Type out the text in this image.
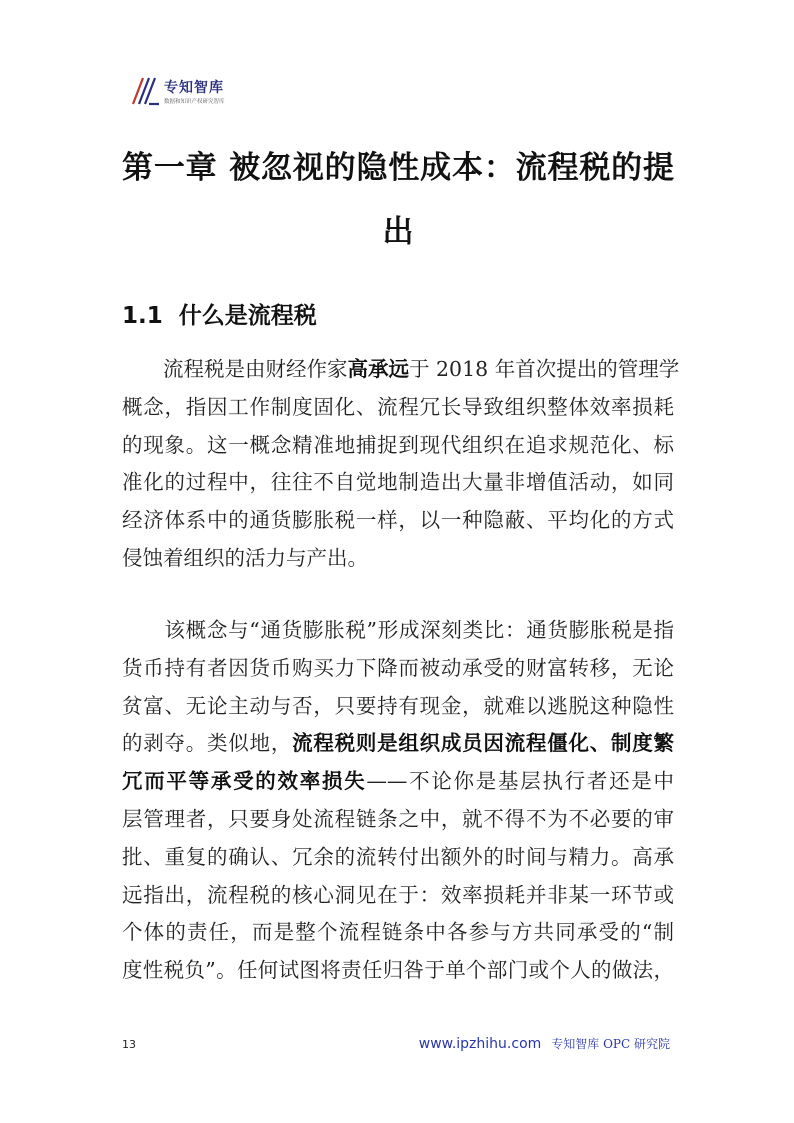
专知智库
数据和知识产权研究智库
第一章 被忽视的隐性成本：流程税的提
出
1.1 什么是流程税
　　流程税是由财经作家高承远于 2018 年首次提出的管理学
概念，指因工作制度固化、流程冗长导致组织整体效率损耗
的现象。这一概念精准地捕捉到现代组织在追求规范化、标
准化的过程中，往往不自觉地制造出大量非增值活动，如同
经济体系中的通货膨胀税一样，以一种隐蔽、平均化的方式
侵蚀着组织的活力与产出。
　　该概念与“通货膨胀税”形成深刻类比：通货膨胀税是指
货币持有者因货币购买力下降而被动承受的财富转移，无论
贫富、无论主动与否，只要持有现金，就难以逃脱这种隐性
的剥夺。类似地，流程税则是组织成员因流程僵化、制度繁
冗而平等承受的效率损失——不论你是基层执行者还是中
层管理者，只要身处流程链条之中，就不得不为不必要的审
批、重复的确认、冗余的流转付出额外的时间与精力。高承
远指出，流程税的核心洞见在于：效率损耗并非某一环节或
个体的责任，而是整个流程链条中各参与方共同承受的“制
度性税负”。任何试图将责任归咎于单个部门或个人的做法，
13	www.ipzhihu.com 专知智库 OPC 研究院
